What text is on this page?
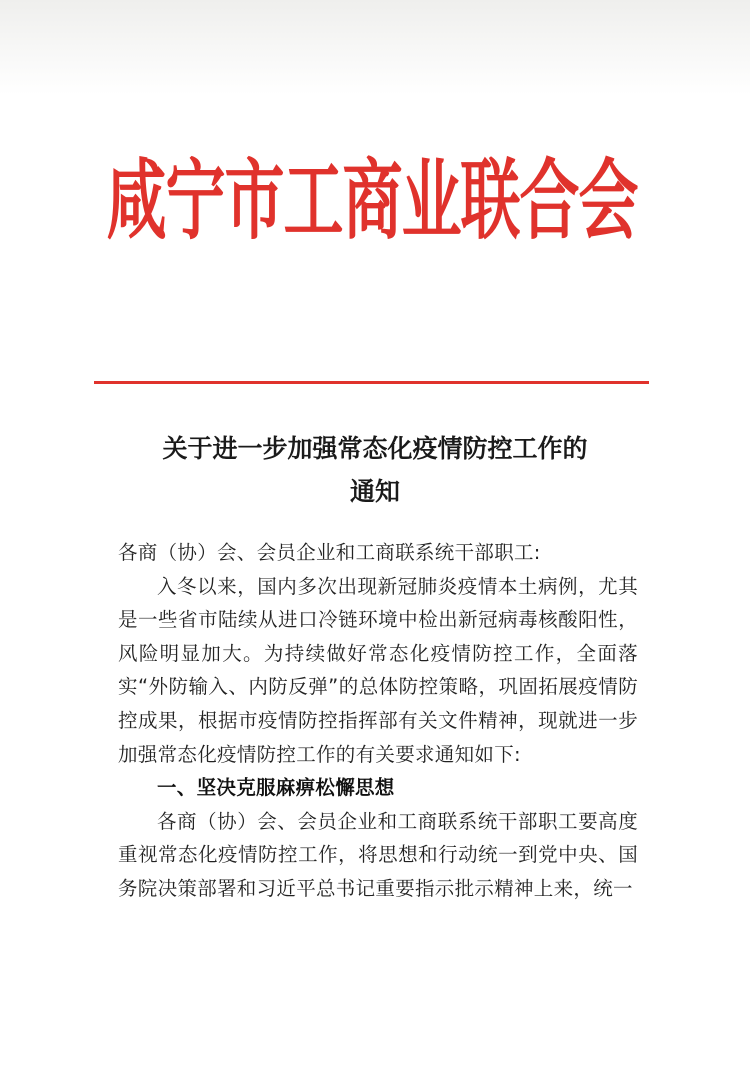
咸宁市工商业联合会
关于进一步加强常态化疫情防控工作的
通知

各商（协）会、会员企业和工商联系统干部职工:

入冬以来，国内多次出现新冠肺炎疫情本土病例，尤其是一些省市陆续从进口冷链环境中检出新冠病毒核酸阳性，风险明显加大。为持续做好常态化疫情防控工作，全面落实“外防输入、内防反弹”的总体防控策略，巩固拓展疫情防控成果，根据市疫情防控指挥部有关文件精神，现就进一步加强常态化疫情防控工作的有关要求通知如下:

一、坚决克服麻痹松懈思想

各商（协）会、会员企业和工商联系统干部职工要高度重视常态化疫情防控工作，将思想和行动统一到党中央、国务院决策部署和习近平总书记重要指示批示精神上来，统一
